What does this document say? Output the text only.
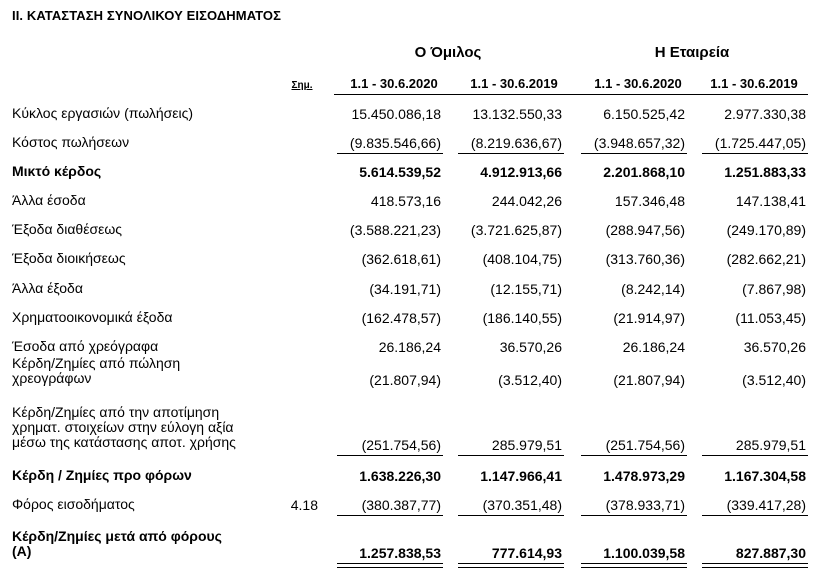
II. ΚΑΤΑΣΤΑΣΗ ΣΥΝΟΛΙΚΟΥ ΕΙΣΟΔΗΜΑΤΟΣ
Ο Όμιλος	Η Εταιρεία
Σημ.	1.1 - 30.6.2020	1.1 - 30.6.2019	1.1 - 30.6.2020	1.1 - 30.6.2019
Κύκλος εργασιών (πωλήσεις)	15.450.086,18	13.132.550,33	6.150.525,42	2.977.330,38
Κόστος πωλήσεων	(9.835.546,66)	(8.219.636,67)	(3.948.657,32)	(1.725.447,05)
Μικτό κέρδος	5.614.539,52	4.912.913,66	2.201.868,10	1.251.883,33
Άλλα έσοδα	418.573,16	244.042,26	157.346,48	147.138,41
Έξοδα διαθέσεως	(3.588.221,23)	(3.721.625,87)	(288.947,56)	(249.170,89)
Έξοδα διοικήσεως	(362.618,61)	(408.104,75)	(313.760,36)	(282.662,21)
Άλλα έξοδα	(34.191,71)	(12.155,71)	(8.242,14)	(7.867,98)
Χρηματοοικονομικά έξοδα	(162.478,57)	(186.140,55)	(21.914,97)	(11.053,45)
Έσοδα από χρεόγραφα	26.186,24	36.570,26	26.186,24	36.570,26
Κέρδη/Ζημίες από πώληση
χρεογράφων	(21.807,94)	(3.512,40)	(21.807,94)	(3.512,40)
Κέρδη/Ζημίες από την αποτίμηση
χρηματ. στοιχείων στην εύλογη αξία
μέσω της κατάστασης αποτ. χρήσης	(251.754,56)	285.979,51	(251.754,56)	285.979,51
Κέρδη / Ζημίες προ φόρων	1.638.226,30	1.147.966,41	1.478.973,29	1.167.304,58
Φόρος εισοδήματος	4.18	(380.387,77)	(370.351,48)	(378.933,71)	(339.417,28)
Κέρδη/Ζημίες μετά από φόρους
(Α)	1.257.838,53	777.614,93	1.100.039,58	827.887,30
